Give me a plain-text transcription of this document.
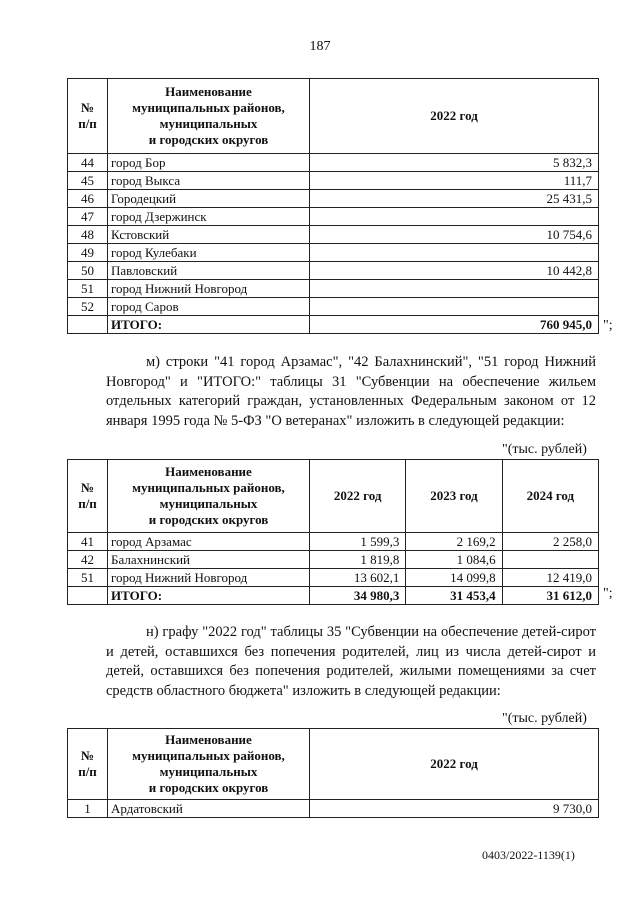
187
№
п/п	Наименование
муниципальных районов,
муниципальных
и городских округов	2022 год
44	город Бор	5 832,3
45	город Выкса	111,7
46	Городецкий	25 431,5
47	город Дзержинск	
48	Кстовский	10 754,6
49	город Кулебаки	
50	Павловский	10 442,8
51	город Нижний Новгород	
52	город Саров	
	ИТОГО:	760 945,0 ";
м) строки "41 город Арзамас", "42 Балахнинский", "51 город Нижний Новгород" и "ИТОГО:" таблицы 31 "Субвенции на обеспечение жильем отдельных категорий граждан, установленных Федеральным законом от 12 января 1995 года № 5-ФЗ "О ветеранах" изложить в следующей редакции:
"(тыс. рублей)
№
п/п	Наименование
муниципальных районов,
муниципальных
и городских округов	2022 год	2023 год	2024 год
41	город Арзамас	1 599,3	2 169,2	2 258,0
42	Балахнинский	1 819,8	1 084,6	
51	город Нижний Новгород	13 602,1	14 099,8	12 419,0
	ИТОГО:	34 980,3	31 453,4	31 612,0 ";
н) графу "2022 год" таблицы 35 "Субвенции на обеспечение детей-сирот и детей, оставшихся без попечения родителей, лиц из числа детей-сирот и детей, оставшихся без попечения родителей, жилыми помещениями за счет средств областного бюджета" изложить в следующей редакции:
"(тыс. рублей)
№
п/п	Наименование
муниципальных районов,
муниципальных
и городских округов	2022 год
1	Ардатовский	9 730,0
0403/2022-1139(1)
